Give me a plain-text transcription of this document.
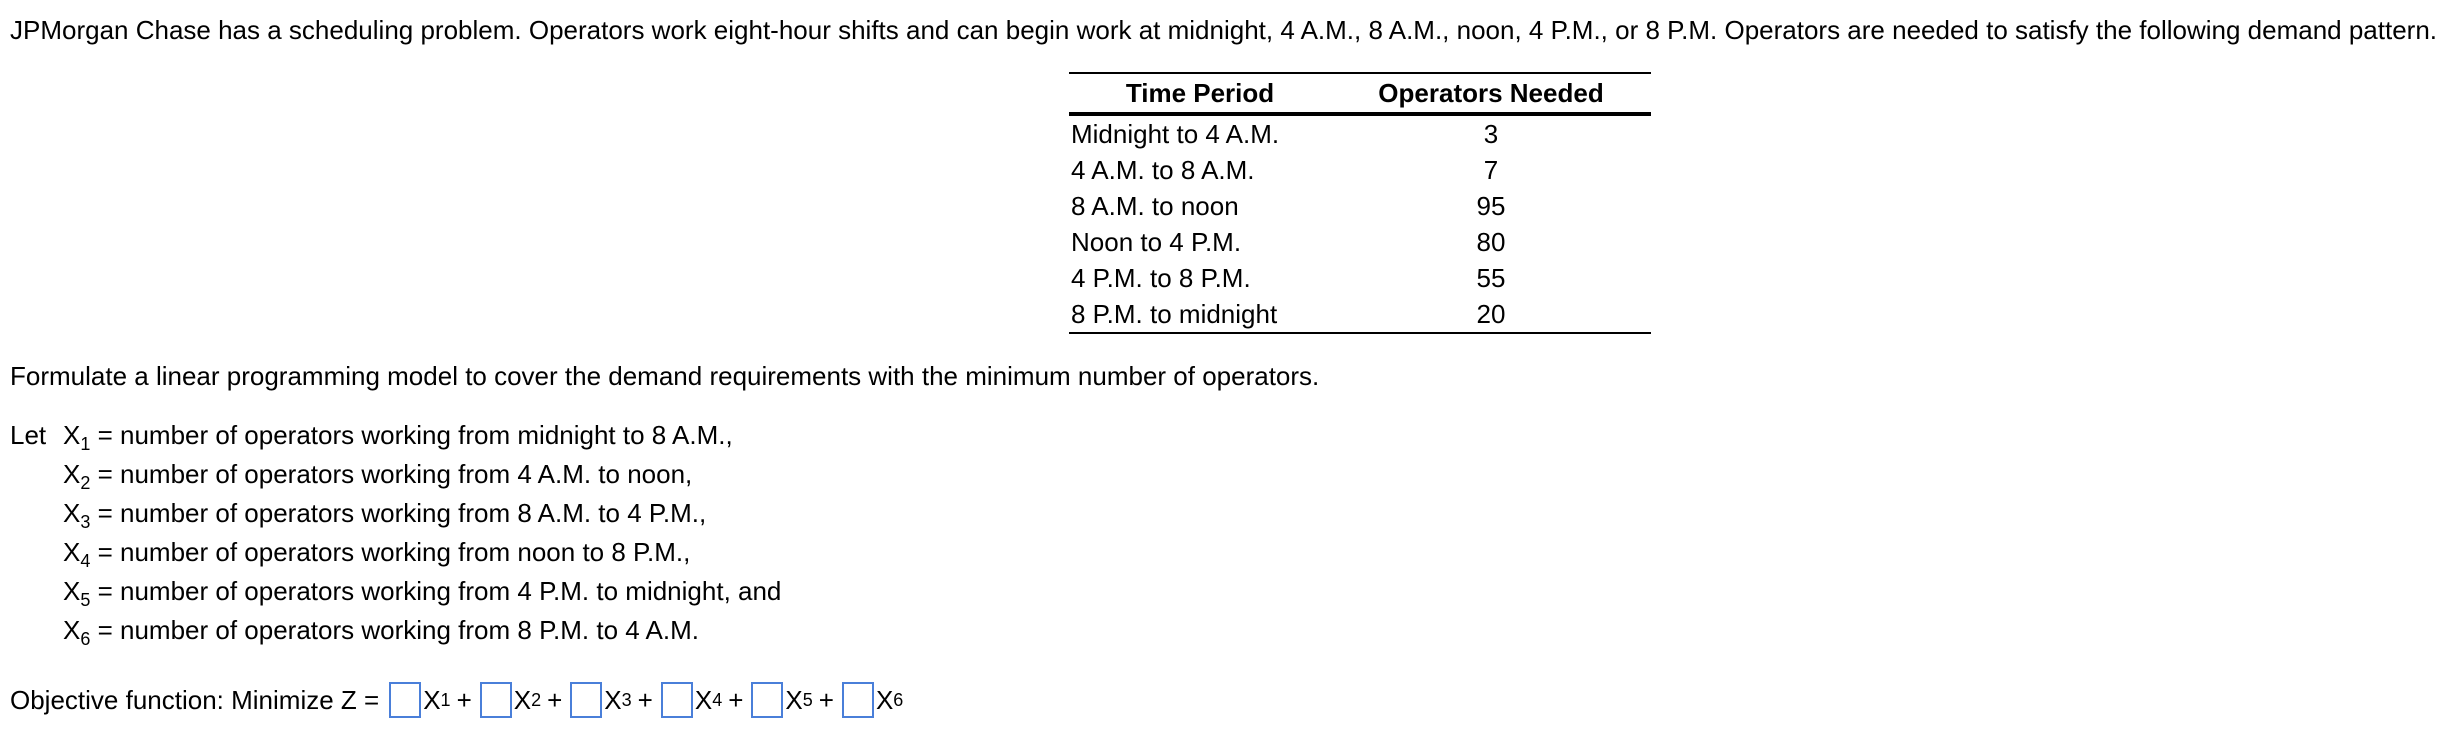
JPMorgan Chase has a scheduling problem. Operators work eight-hour shifts and can begin work at midnight, 4 A.M., 8 A.M., noon, 4 P.M., or 8 P.M. Operators are needed to satisfy the following demand pattern.
Time Period	Operators Needed
Midnight to 4 A.M.	3
4 A.M. to 8 A.M.	7
8 A.M. to noon	95
Noon to 4 P.M.	80
4 P.M. to 8 P.M.	55
8 P.M. to midnight	20
Formulate a linear programming model to cover the demand requirements with the minimum number of operators.
Let $X_1$ = number of operators working from midnight to 8 A.M.,
$X_2$ = number of operators working from 4 A.M. to noon,
$X_3$ = number of operators working from 8 A.M. to 4 P.M.,
$X_4$ = number of operators working from noon to 8 P.M.,
$X_5$ = number of operators working from 4 P.M. to midnight, and
$X_6$ = number of operators working from 8 P.M. to 4 A.M.
Objective function: Minimize Z = X 1 + X 2 + X 3 + X 4 + X 5 + X 6
